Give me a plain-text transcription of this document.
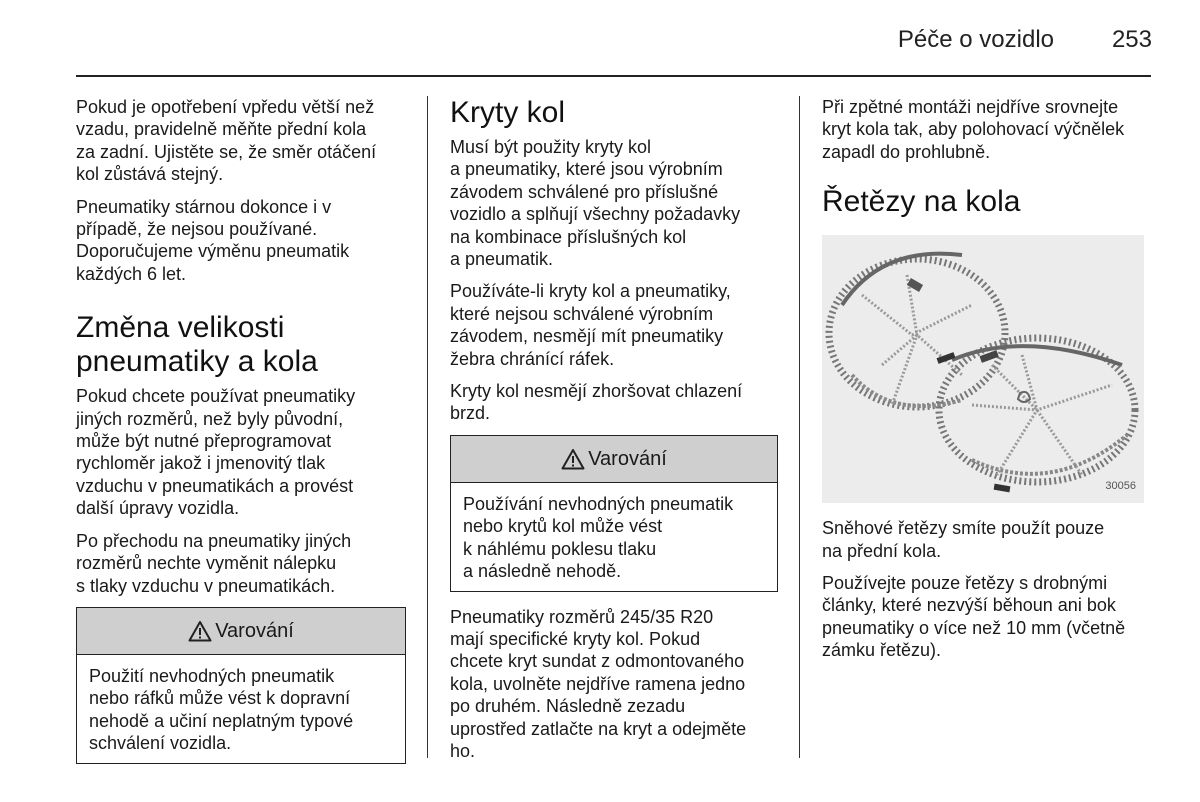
Péče o vozidlo 253

Pokud je opotřebení vpředu větší než
vzadu, pravidelně měňte přední kola
za zadní. Ujistěte se, že směr otáčení
kol zůstává stejný.

Pneumatiky stárnou dokonce i v
případě, že nejsou používané.
Doporučujeme výměnu pneumatik
každých 6 let.

Změna velikosti
pneumatiky a kola

Pokud chcete používat pneumatiky
jiných rozměrů, než byly původní,
může být nutné přeprogramovat
rychloměr jakož i jmenovitý tlak
vzduchu v pneumatikách a provést
další úpravy vozidla.

Po přechodu na pneumatiky jiných
rozměrů nechte vyměnit nálepku
s tlaky vzduchu v pneumatikách.

Varování
Použití nevhodných pneumatik
nebo ráfků může vést k dopravní
nehodě a učiní neplatným typové
schválení vozidla.
Kryty kol

Musí být použity kryty kol
a pneumatiky, které jsou výrobním
závodem schválené pro příslušné
vozidlo a splňují všechny požadavky
na kombinace příslušných kol
a pneumatik.

Používáte-li kryty kol a pneumatiky,
které nejsou schválené výrobním
závodem, nesmějí mít pneumatiky
žebra chránící ráfek.

Kryty kol nesmějí zhoršovat chlazení
brzd.

Varování
Používání nevhodných pneumatik
nebo krytů kol může vést
k náhlému poklesu tlaku
a následně nehodě.

Pneumatiky rozměrů 245/35 R20
mají specifické kryty kol. Pokud
chcete kryt sundat z odmontovaného
kola, uvolněte nejdříve ramena jedno
po druhém. Následně zezadu
uprostřed zatlačte na kryt a odejměte
ho.

Při zpětné montáži nejdříve srovnejte
kryt kola tak, aby polohovací výčnělek
zapadl do prohlubně.

Řetězy na kola
30056

Sněhové řetězy smíte použít pouze
na přední kola.

Používejte pouze řetězy s drobnými
články, které nezvýší běhoun ani bok
pneumatiky o více než 10 mm (včetně
zámku řetězu).
